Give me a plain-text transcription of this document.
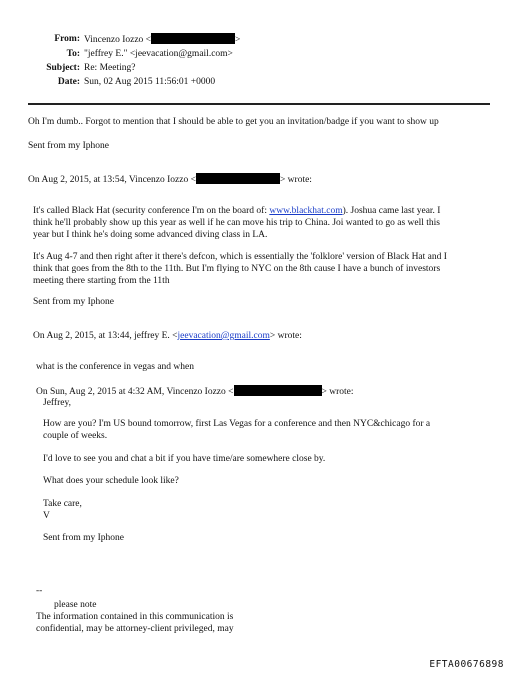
From: Vincenzo Iozzo <	>
To: "jeffrey E." <jeevacation@gmail.com>
Subject: Re: Meeting?
Date: Sun, 02 Aug 2015 11:56:01 +0000
Oh I'm dumb.. Forgot to mention that I should be able to get you an invitation/badge if you want to show up
Sent from my Iphone
On Aug 2, 2015, at 13:54, Vincenzo Iozzo <	> wrote:
It's called Black Hat (security conference I'm on the board of: www.blackhat.com). Joshua came last year. I
think he'll probably show up this year as well if he can move his trip to China. Joi wanted to go as well this
year but I think he's doing some advanced diving class in LA.
It's Aug 4-7 and then right after it there's defcon, which is essentially the 'folklore' version of Black Hat and I
think that goes from the 8th to the 11th. But I'm flying to NYC on the 8th cause I have a bunch of investors
meeting there starting from the 11th
Sent from my Iphone
On Aug 2, 2015, at 13:44, jeffrey E. <jeevacation@gmail.com> wrote:
what is the conference in vegas and when
On Sun, Aug 2, 2015 at 4:32 AM, Vincenzo Iozzo <	> wrote:
Jeffrey,
How are you? I'm US bound tomorrow, first Las Vegas for a conference and then NYC&chicago for a
couple of weeks.
I'd love to see you and chat a bit if you have time/are somewhere close by.
What does your schedule look like?
Take care,
V
Sent from my Iphone
--
please note
The information contained in this communication is
confidential, may be attorney-client privileged, may
EFTA00676898
